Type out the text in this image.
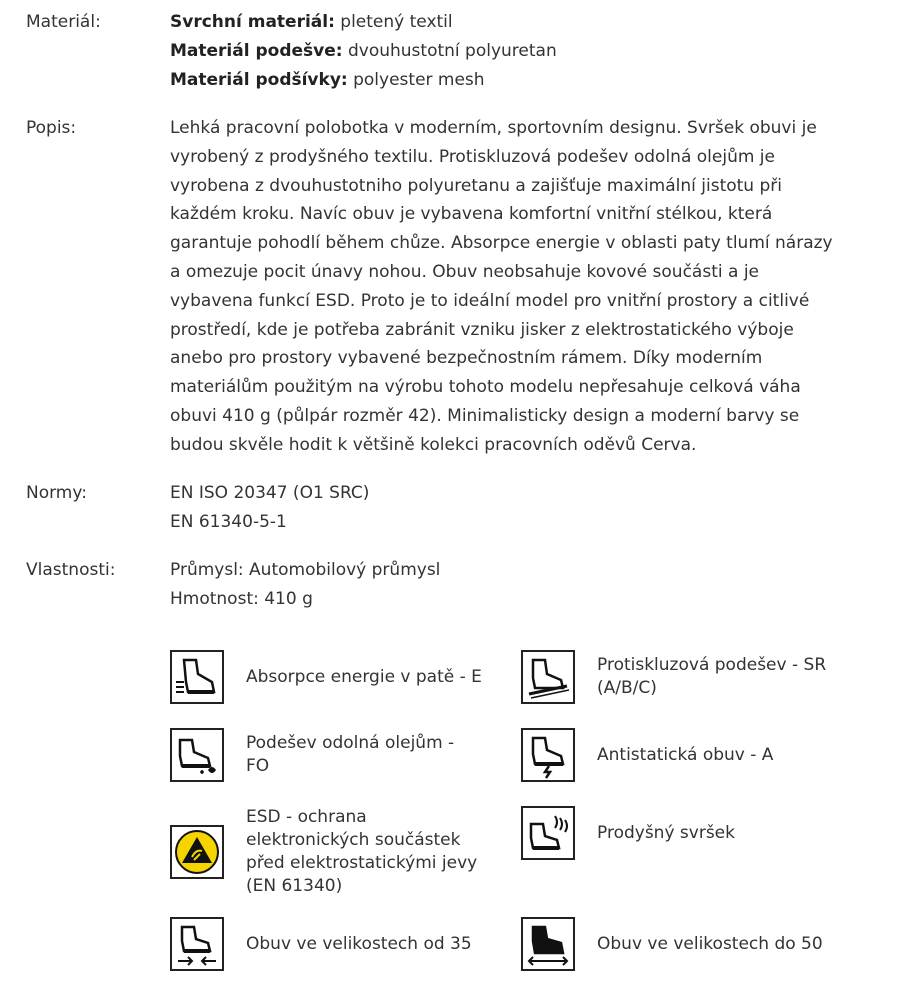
Materiál:	Svrchní materiál: pletený textil
Materiál podešve: dvouhustotní polyuretan
Materiál podšívky: polyester mesh
Popis:	Lehká pracovní polobotka v moderním, sportovním designu. Svršek obuvi je
vyrobený z prodyšného textilu. Protiskluzová podešev odolná olejům je
vyrobena z dvouhustotniho polyuretanu a zajišťuje maximální jistotu při
každém kroku. Navíc obuv je vybavena komfortní vnitřní stélkou, která
garantuje pohodlí během chůze. Absorpce energie v oblasti paty tlumí nárazy
a omezuje pocit únavy nohou. Obuv neobsahuje kovové součásti a je
vybavena funkcí ESD. Proto je to ideální model pro vnitřní prostory a citlivé
prostředí, kde je potřeba zabránit vzniku jisker z elektrostatického výboje
anebo pro prostory vybavené bezpečnostním rámem. Díky moderním
materiálům použitým na výrobu tohoto modelu nepřesahuje celková váha
obuvi 410 g (půlpár rozměr 42). Minimalisticky design a moderní barvy se
budou skvěle hodit k většině kolekci pracovních oděvů Cerva.
Normy:	EN ISO 20347 (O1 SRC)
EN 61340-5-1
Vlastnosti:	Průmysl: Automobilový průmysl
Hmotnost: 410 g
Absorpce energie v patě - E
Protiskluzová podešev - SR
(A/B/C)
Podešev odolná olejům -
FO
Antistatická obuv - A
ESD - ochrana
elektronických součástek
před elektrostatickými jevy
(EN 61340)
Prodyšný svršek
Obuv ve velikostech od 35	Obuv ve velikostech do 50
